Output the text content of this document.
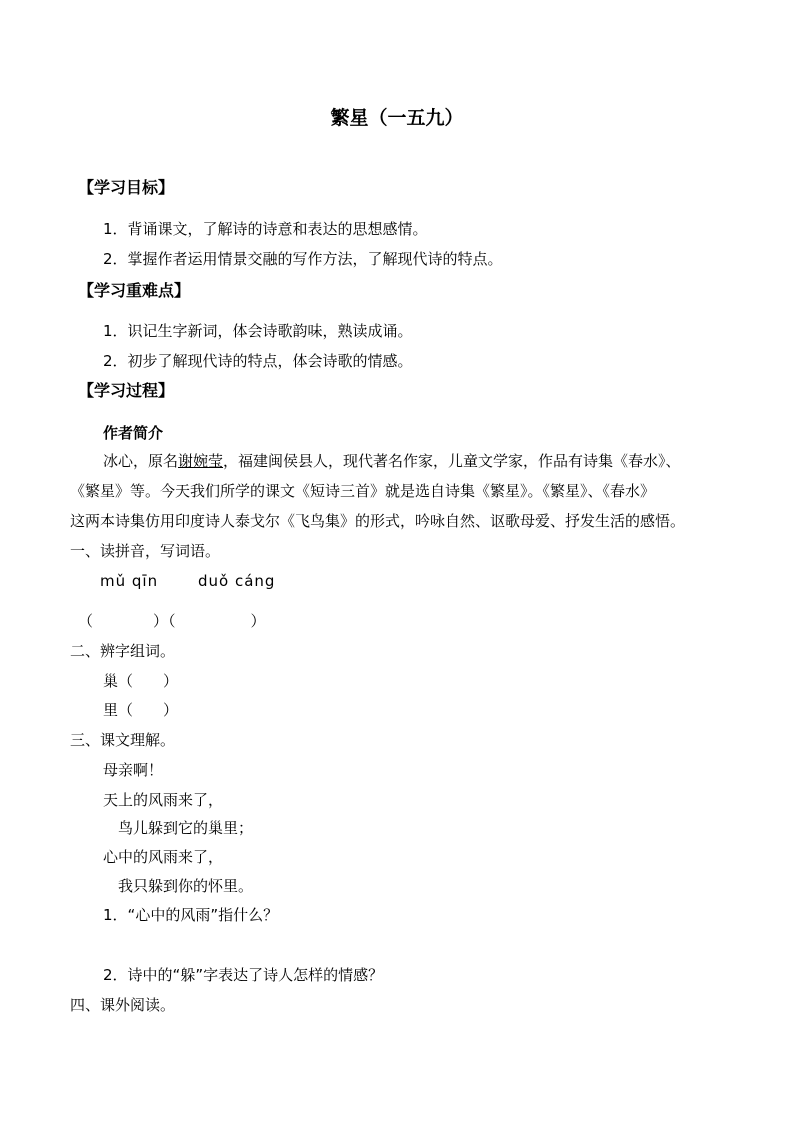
繁星（一五九）
【学习目标】
1．背诵课文，了解诗的诗意和表达的思想感情。
2．掌握作者运用情景交融的写作方法，了解现代诗的特点。
【学习重难点】
1．识记生字新词，体会诗歌韵味，熟读成诵。
2．初步了解现代诗的特点，体会诗歌的情感。
【学习过程】
作者简介
冰心，原名谢婉莹，福建闽侯县人，现代著名作家，儿童文学家，作品有诗集《春水》、
《繁星》等。今天我们所学的课文《短诗三首》就是选自诗集《繁星》。《繁星》、《春水》
这两本诗集仿用印度诗人泰戈尔《飞鸟集》的形式，吟咏自然、讴歌母爱、抒发生活的感悟。
一、读拼音，写词语。
mǔ qīn	duǒ cáng
（　　　　）（　　　　　）
二、辨字组词。
巢（　　）
里（　　）
三、课文理解。
母亲啊！
天上的风雨来了，
鸟儿躲到它的巢里；
心中的风雨来了，
我只躲到你的怀里。
1．“心中的风雨”指什么？
2．诗中的“躲”字表达了诗人怎样的情感？
四、课外阅读。
